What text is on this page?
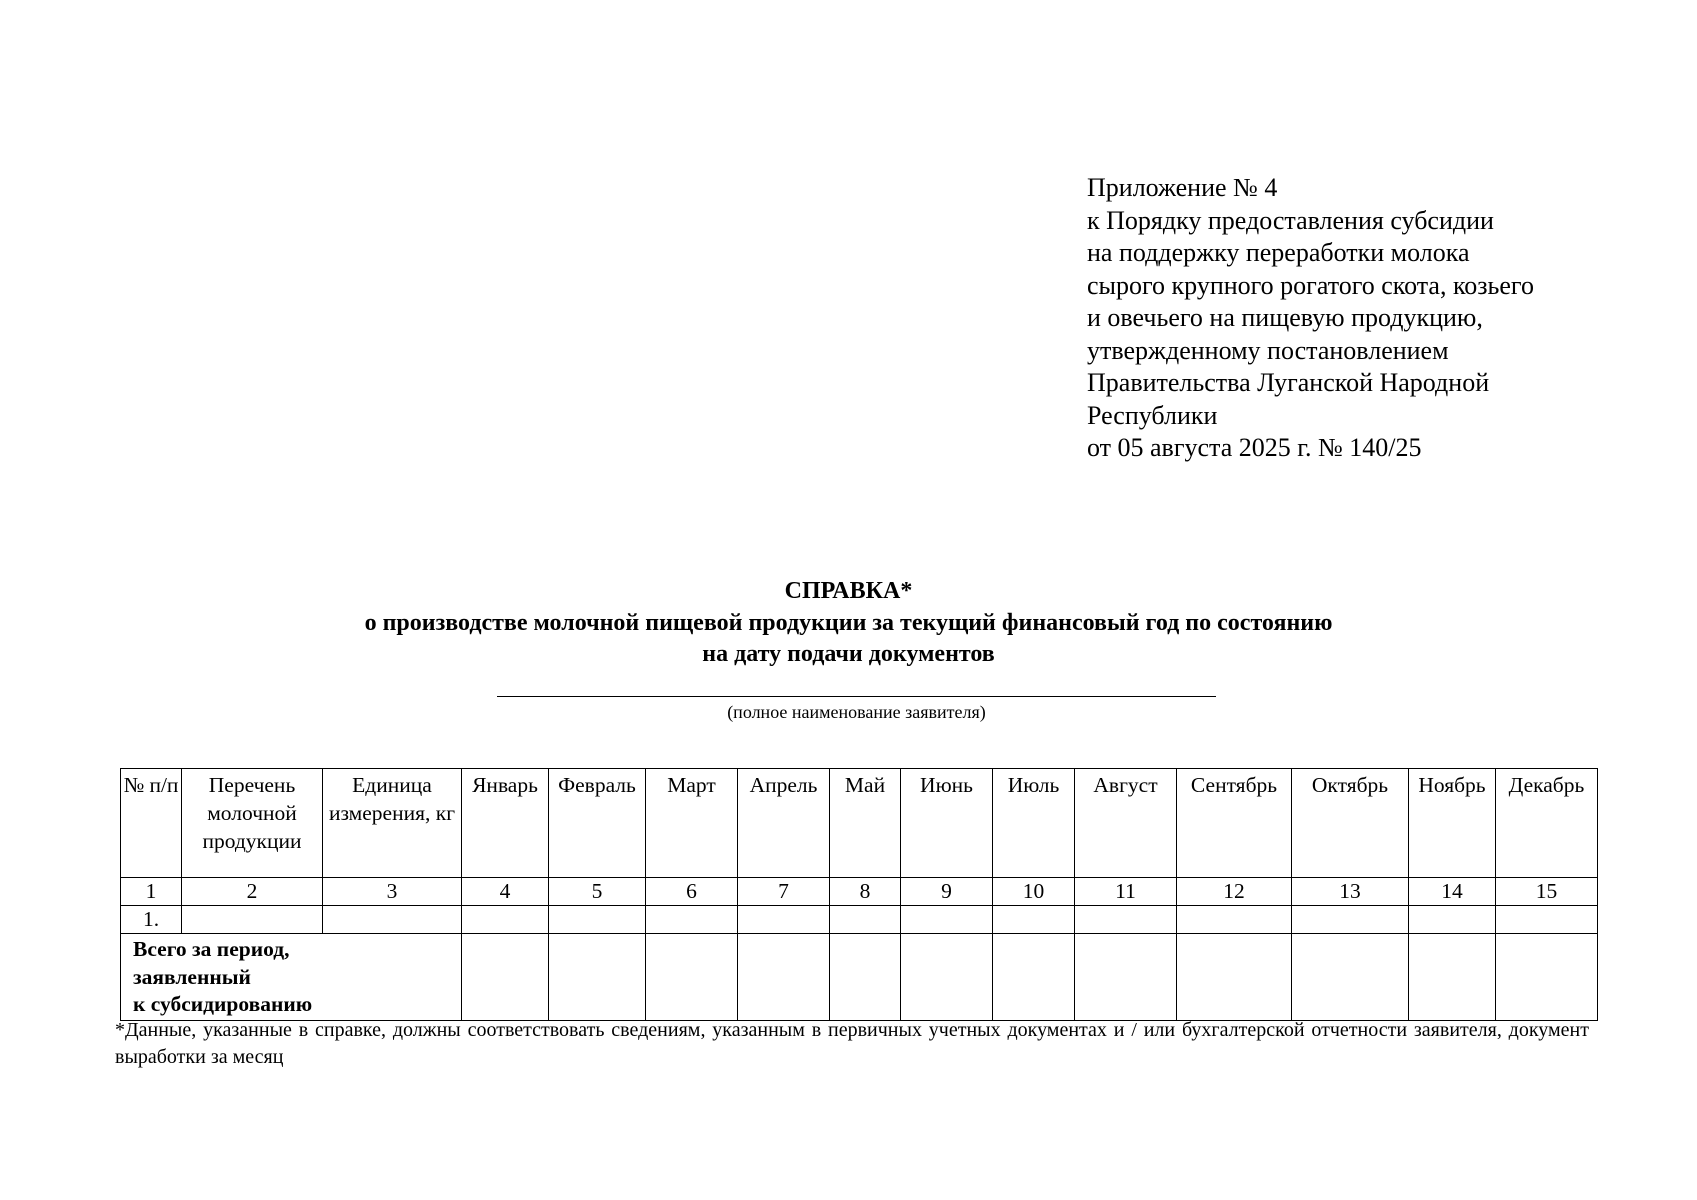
Приложение № 4
к Порядку предоставления субсидии
на поддержку переработки молока
сырого крупного рогатого скота, козьего
и овечьего на пищевую продукцию,
утвержденному постановлением
Правительства Луганской Народной
Республики
от 05 августа 2025 г. № 140/25
СПРАВКА*
о производстве молочной пищевой продукции за текущий финансовый год по состоянию
на дату подачи документов
(полное наименование заявителя)
№ п/п	Перечень молочной продукции	Единица измерения, кг	Январь	Февраль	Март	Апрель	Май	Июнь	Июль	Август	Сентябрь	Октябрь	Ноябрь	Декабрь
1	2	3	4	5	6	7	8	9	10	11	12	13	14	15
1.														

Всего за период,
заявленный
к субсидированию														

*Данные, указанные в справке, должны соответствовать сведениям, указанным в первичных учетных документах и / или бухгалтерской отчетности заявителя, документ выработки за месяц
